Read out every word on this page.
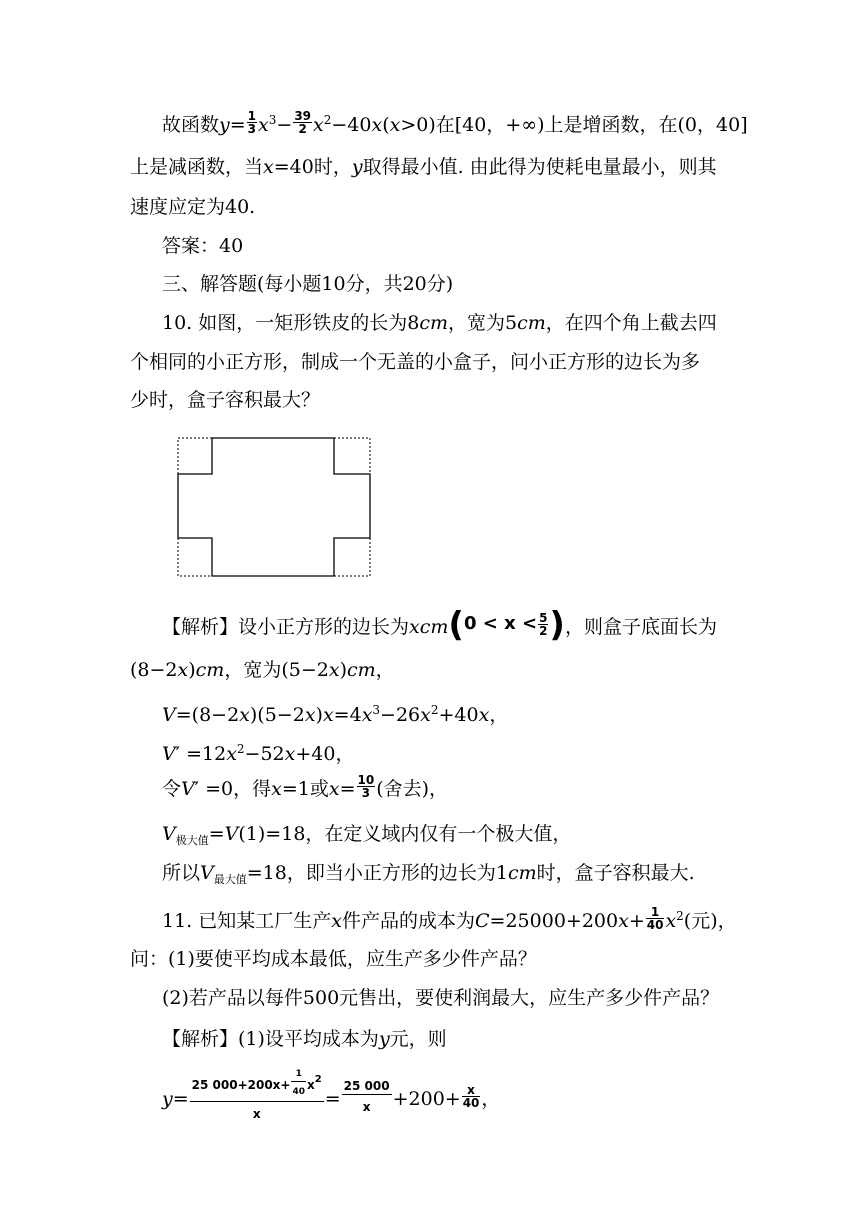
故函数$y= \frac{1}{3} x^3- \frac{39}{2} x^2-40x(x>0)$在[40，+∞)上是增函数，在(0，40]
上是减函数，当x=40时，y取得最小值. 由此得为使耗电量最小，则其
速度应定为40.
答案：40
三、解答题(每小题10分，共20分)
10. 如图，一矩形铁皮的长为8cm，宽为5cm，在四个角上截去四
个相同的小正方形，制成一个无盖的小盒子，问小正方形的边长为多
少时，盒子容积最大？
【解析】设小正方形的边长为$xcm(0 < x < \frac{5}{2}$ )，则盒子底面长为
(8−2x)cm，宽为(5−2x)cm，
$V=(8-2x)(5-2x)x=4x^3-26x^2+40x$，
$V' =12x^2-52x+40$，
令V′ =0，得x=1或$x= \frac{10}{3}$ (舍去)，
$V_{极大值}=V(1)=18$，在定义域内仅有一个极大值，
所以$V_{最大值}=18$，即当小正方形的边长为1cm时，盒子容积最大.
11. 已知某工厂生产x件产品的成本为$C=25000+200x+ \frac{1}{40} x^2$(元)，
问：(1)要使平均成本最低，应生产多少件产品？
(2)若产品以每件500元售出，要使利润最大，应生产多少件产品？
【解析】(1)设平均成本为y元，则
$y= \frac{25 000+200x+ \frac{1}{40} x^2}{x} = \frac{25 000}{x} +200+ \frac{x}{40}$ ，
